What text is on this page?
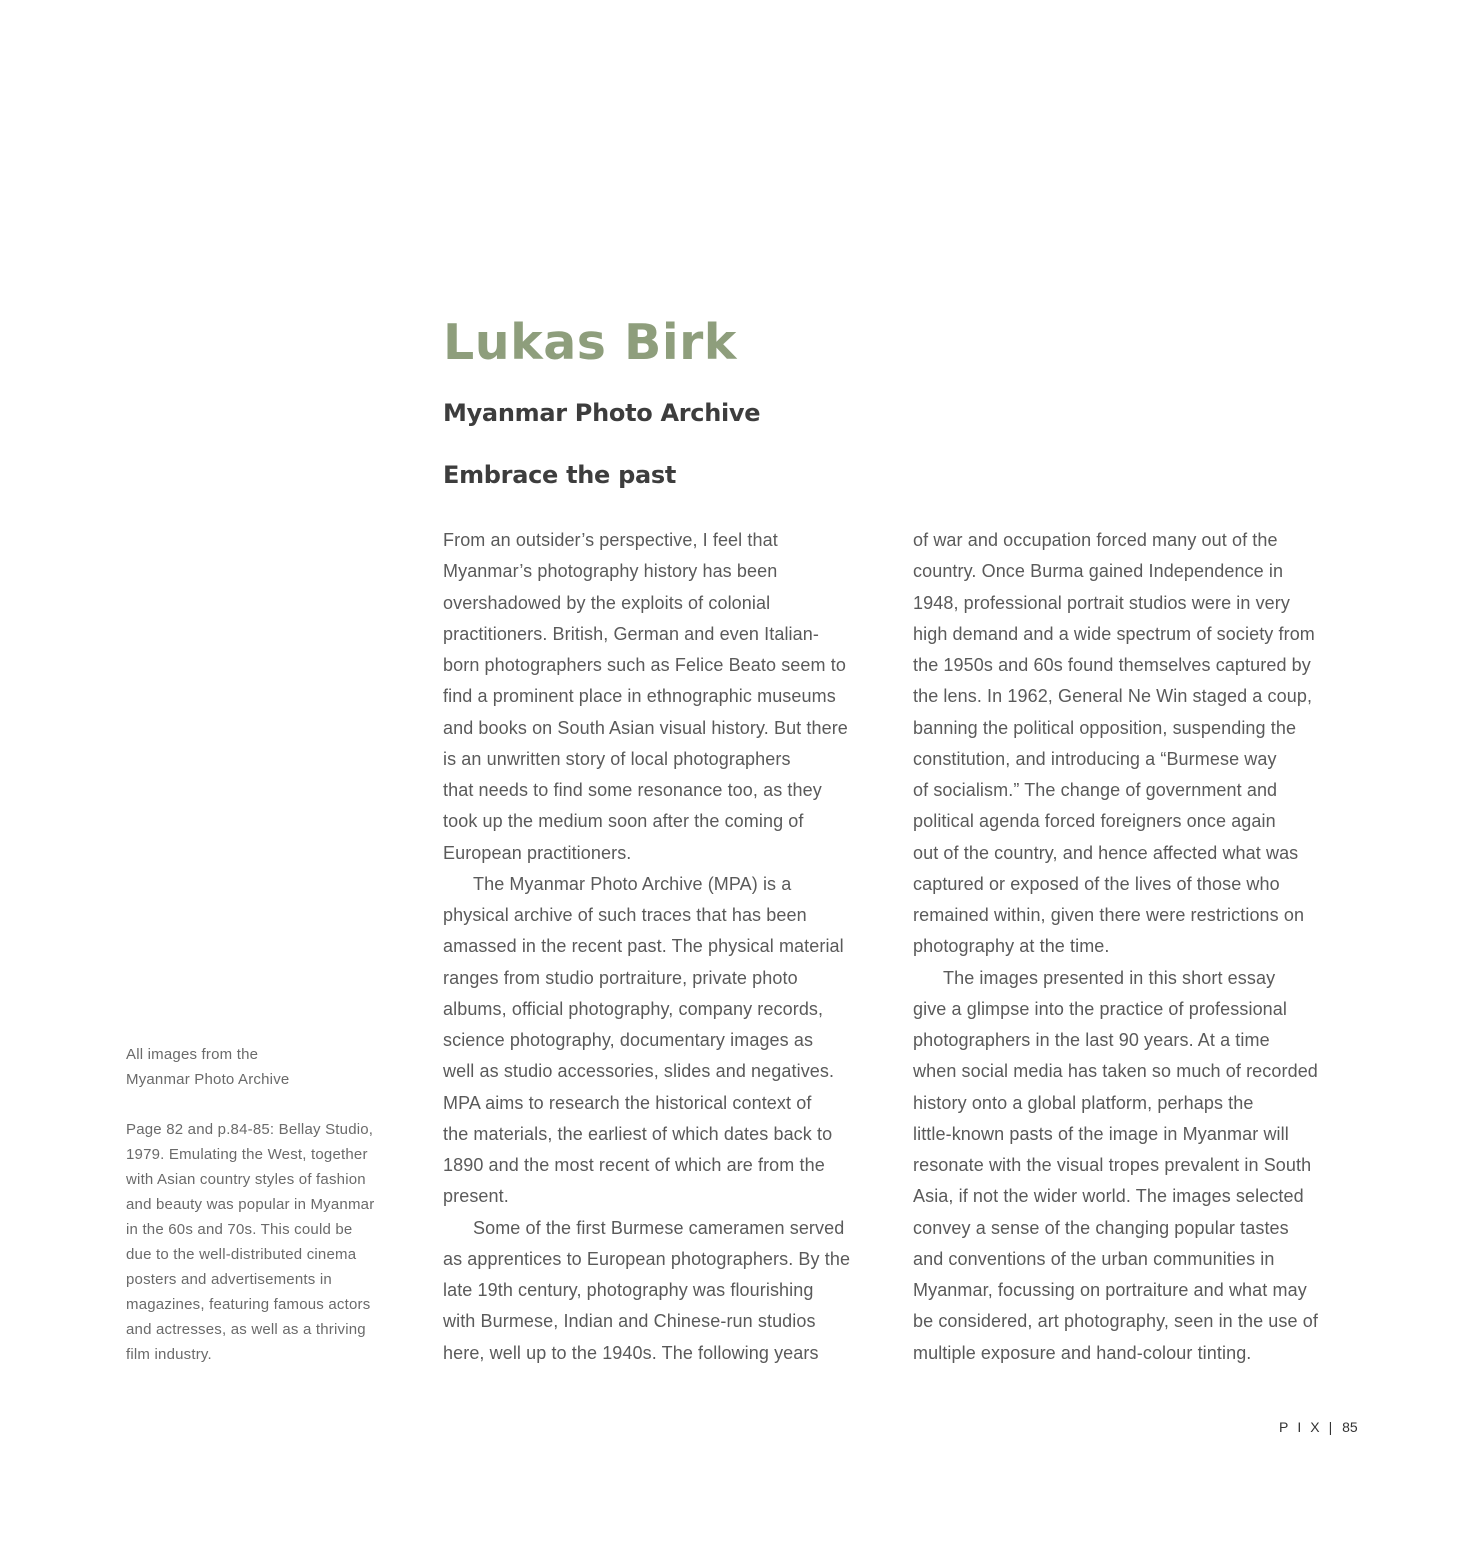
Lukas Birk
Myanmar Photo Archive
Embrace the past
All images from the
Myanmar Photo Archive
Page 82 and p.84-85: Bellay Studio,
1979. Emulating the West, together
with Asian country styles of fashion
and beauty was popular in Myanmar
in the 60s and 70s. This could be
due to the well-distributed cinema
posters and advertisements in
magazines, featuring famous actors
and actresses, as well as a thriving
film industry.

From an outsider’s perspective, I feel that
Myanmar’s photography history has been
overshadowed by the exploits of colonial
practitioners. British, German and even Italian-
born photographers such as Felice Beato seem to
find a prominent place in ethnographic museums
and books on South Asian visual history. But there
is an unwritten story of local photographers
that needs to find some resonance too, as they
took up the medium soon after the coming of
European practitioners.

The Myanmar Photo Archive (MPA) is a
physical archive of such traces that has been
amassed in the recent past. The physical material
ranges from studio portraiture, private photo
albums, official photography, company records,
science photography, documentary images as
well as studio accessories, slides and negatives.
MPA aims to research the historical context of
the materials, the earliest of which dates back to
1890 and the most recent of which are from the
present.

Some of the first Burmese cameramen served
as apprentices to European photographers. By the
late 19th century, photography was flourishing
with Burmese, Indian and Chinese-run studios
here, well up to the 1940s. The following years

of war and occupation forced many out of the
country. Once Burma gained Independence in
1948, professional portrait studios were in very
high demand and a wide spectrum of society from
the 1950s and 60s found themselves captured by
the lens. In 1962, General Ne Win staged a coup,
banning the political opposition, suspending the
constitution, and introducing a “Burmese way
of socialism.” The change of government and
political agenda forced foreigners once again
out of the country, and hence affected what was
captured or exposed of the lives of those who
remained within, given there were restrictions on
photography at the time.

The images presented in this short essay
give a glimpse into the practice of professional
photographers in the last 90 years. At a time
when social media has taken so much of recorded
history onto a global platform, perhaps the
little-known pasts of the image in Myanmar will
resonate with the visual tropes prevalent in South
Asia, if not the wider world. The images selected
convey a sense of the changing popular tastes
and conventions of the urban communities in
Myanmar, focussing on portraiture and what may
be considered, art photography, seen in the use of
multiple exposure and hand-colour tinting.

PIX| 85
